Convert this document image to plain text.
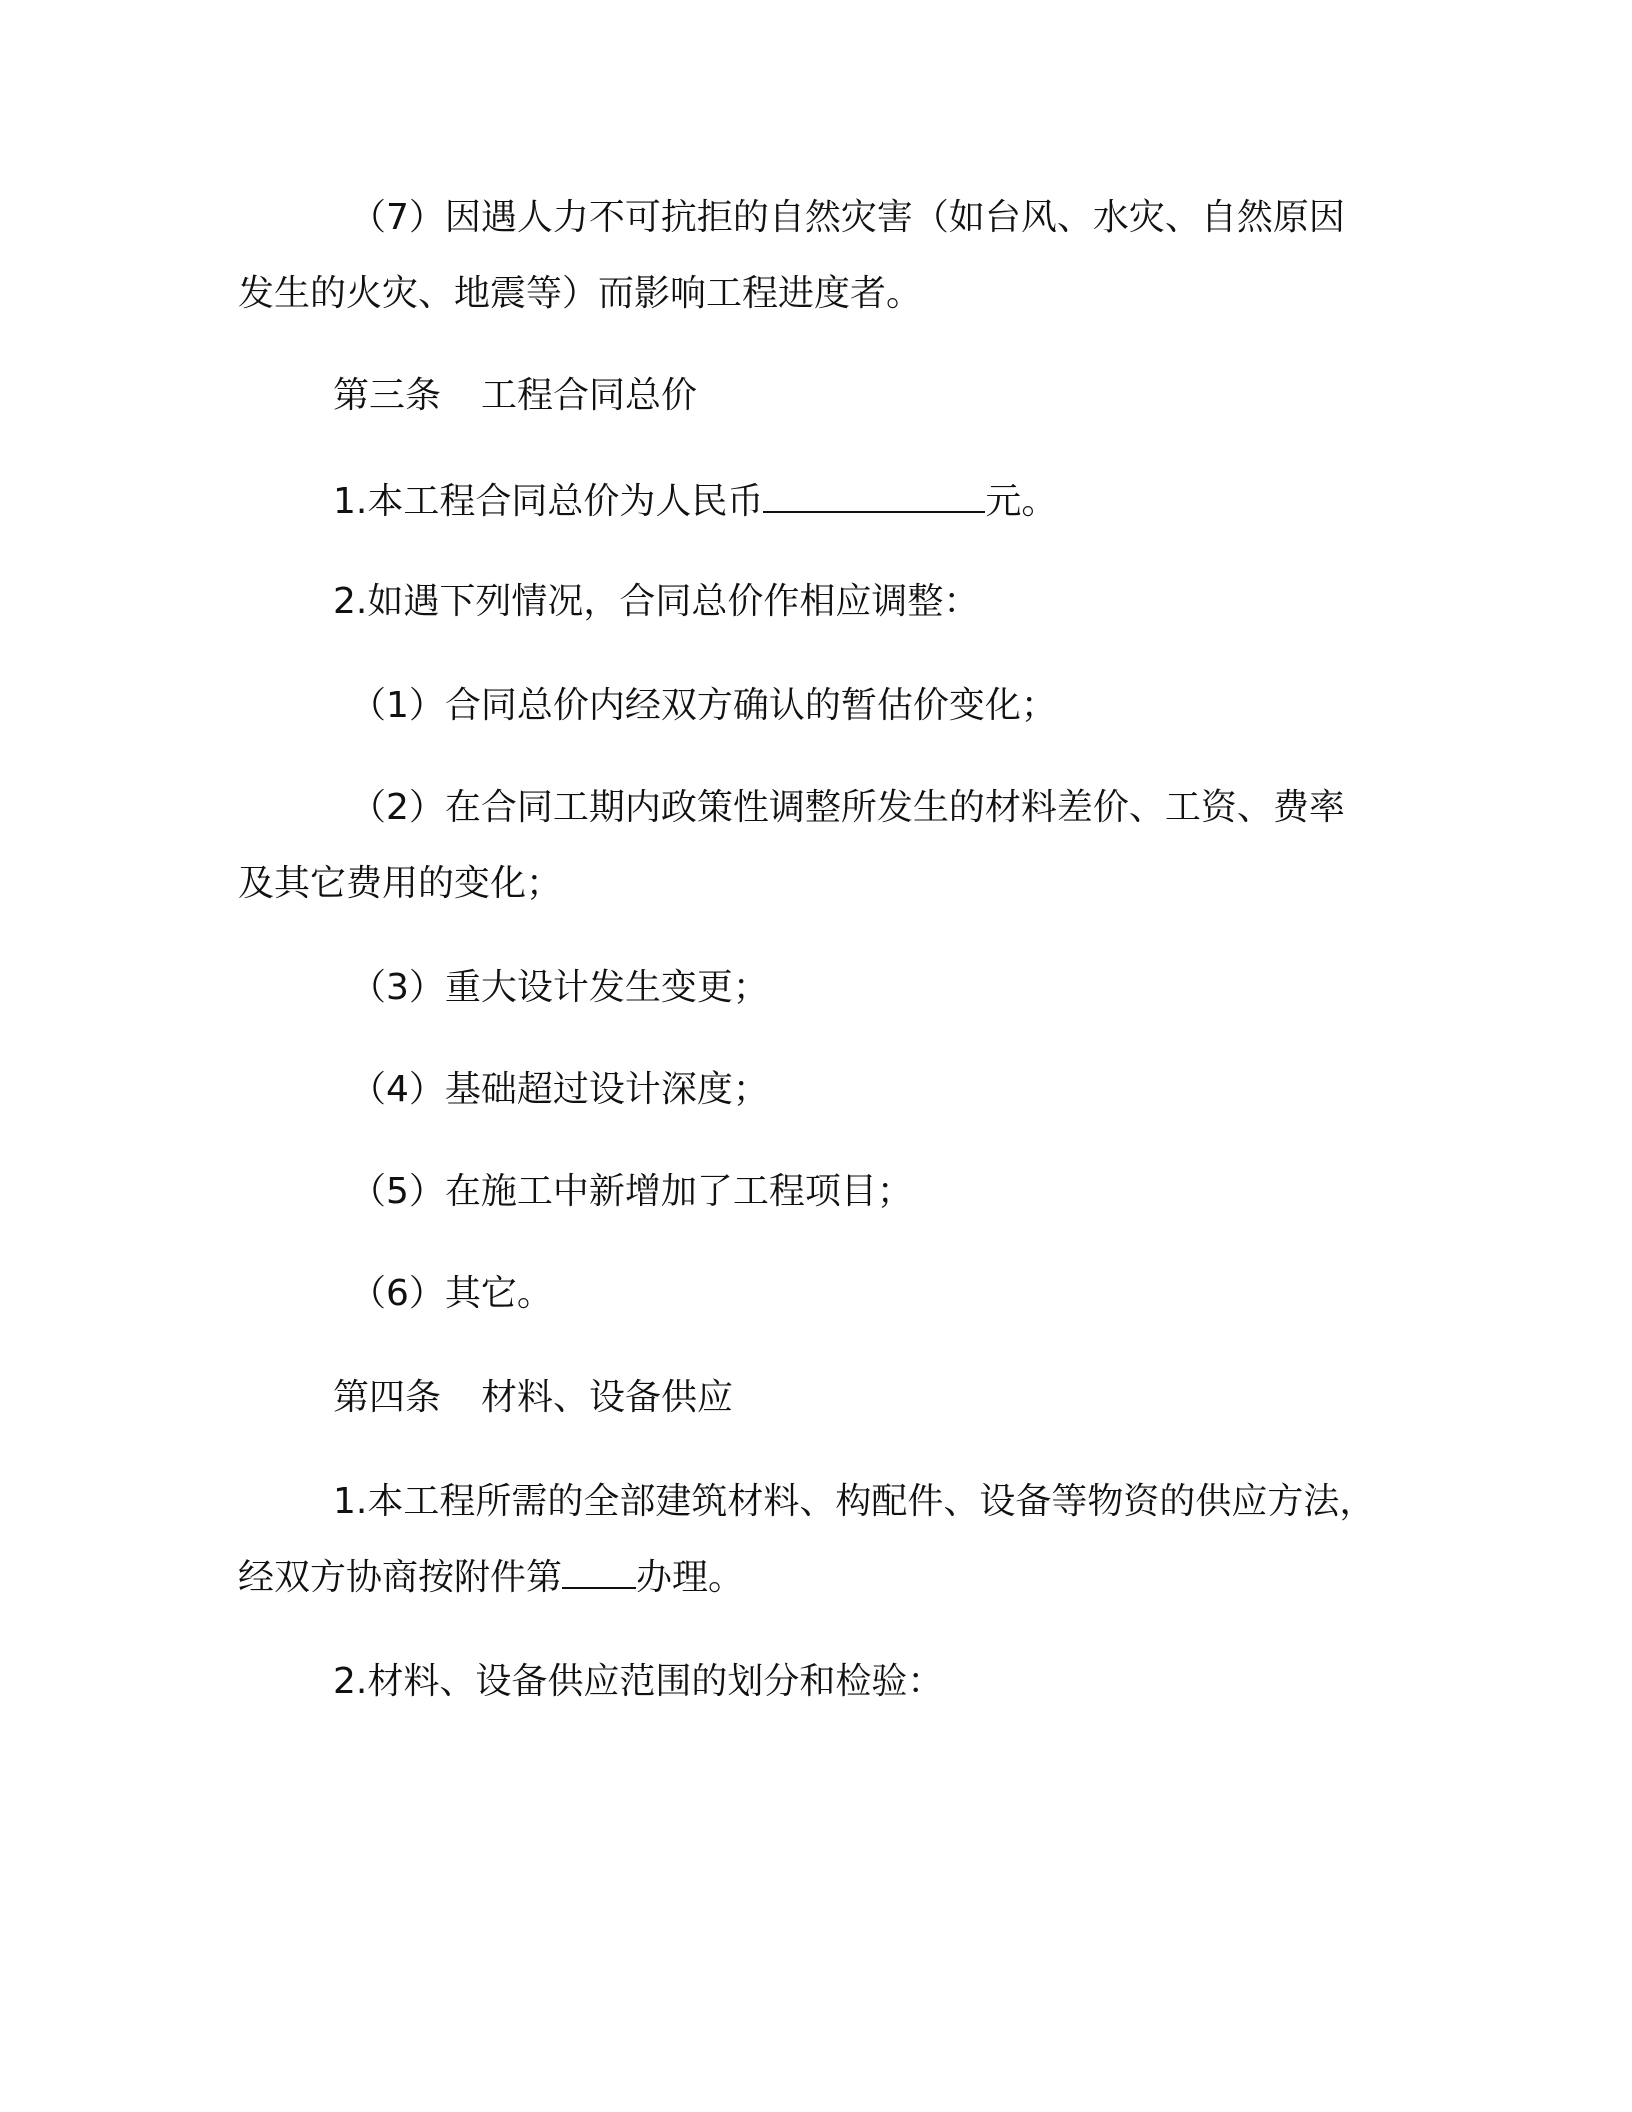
（7）因遇人力不可抗拒的自然灾害（如台风、水灾、自然原因
发生的火灾、地震等）而影响工程进度者。
第三条 工程合同总价
1.本工程合同总价为人民币	元。
2.如遇下列情况，合同总价作相应调整：
（1）合同总价内经双方确认的暂估价变化；
（2）在合同工期内政策性调整所发生的材料差价、工资、费率
及其它费用的变化；
（3）重大设计发生变更；
（4）基础超过设计深度；
（5）在施工中新增加了工程项目；
（6）其它。
第四条 材料、设备供应
1.本工程所需的全部建筑材料、构配件、设备等物资的供应方法，
经双方协商按附件第 办理。
2.材料、设备供应范围的划分和检验：
